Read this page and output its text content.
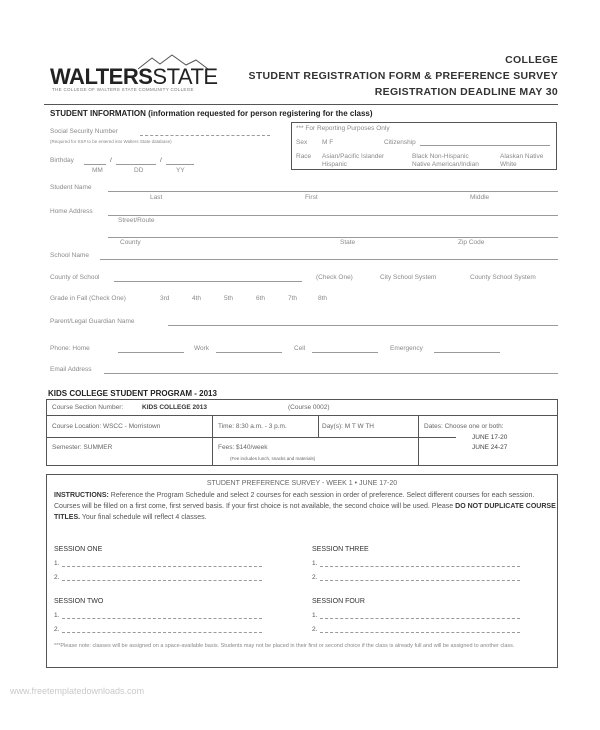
WALTERSSTATE
THE COLLEGE OF WALTERS STATE COMMUNITY COLLEGE
COLLEGE
STUDENT REGISTRATION FORM & PREFERENCE SURVEY
REGISTRATION DEADLINE MAY 30
STUDENT INFORMATION (information requested for person registering for the class)
Social Security Number
(Required for SS# to be entered into Walters State database)
Birthday	/	/
MM	DD	YY
*** For Reporting Purposes Only
Sex M F	Citizenship
Race Asian/Pacific Islander	Black Non-Hispanic	Alaskan Native
Hispanic	Native American/Indian	White
Student Name
Last	First	Middle
Home Address
Street/Route
County	State	Zip Code
School Name
County of School	(Check One)	City School System	County School System
Grade in Fall (Check One)	3rd	4th	5th	6th	7th	8th
Parent/Legal Guardian Name
Phone: Home	Work	Cell	Emergency
Email Address
KIDS COLLEGE STUDENT PROGRAM - 2013
Course Section Number:	KIDS COLLEGE 2013	(Course 0002)
Course Location: WSCC - Morristown	Time: 8:30 a.m. - 3 p.m.	Day(s): M T W TH	Dates: Choose one or both:
JUNE 17-20
JUNE 24-27
Semester: SUMMER	Fees: $140/week
(Fee includes lunch, snacks and materials)
STUDENT PREFERENCE SURVEY - WEEK 1 • JUNE 17-20
INSTRUCTIONS: Reference the Program Schedule and select 2 courses for each session in order of preference. Select different courses for each session. Courses will be filled on a first come, first served basis. If your first choice is not available, the second choice will be used. Please DO NOT DUPLICATE COURSE TITLES. Your final schedule will reflect 4 classes.
SESSION ONE
1.
2.
SESSION THREE
1.
2.
SESSION TWO
1.
2.
SESSION FOUR
1.
2.
***Please note: classes will be assigned on a space-available basis. Students may not be placed in their first or second choice if the class is already full and will be assigned to another class.
www.freetemplatedownloads.com
